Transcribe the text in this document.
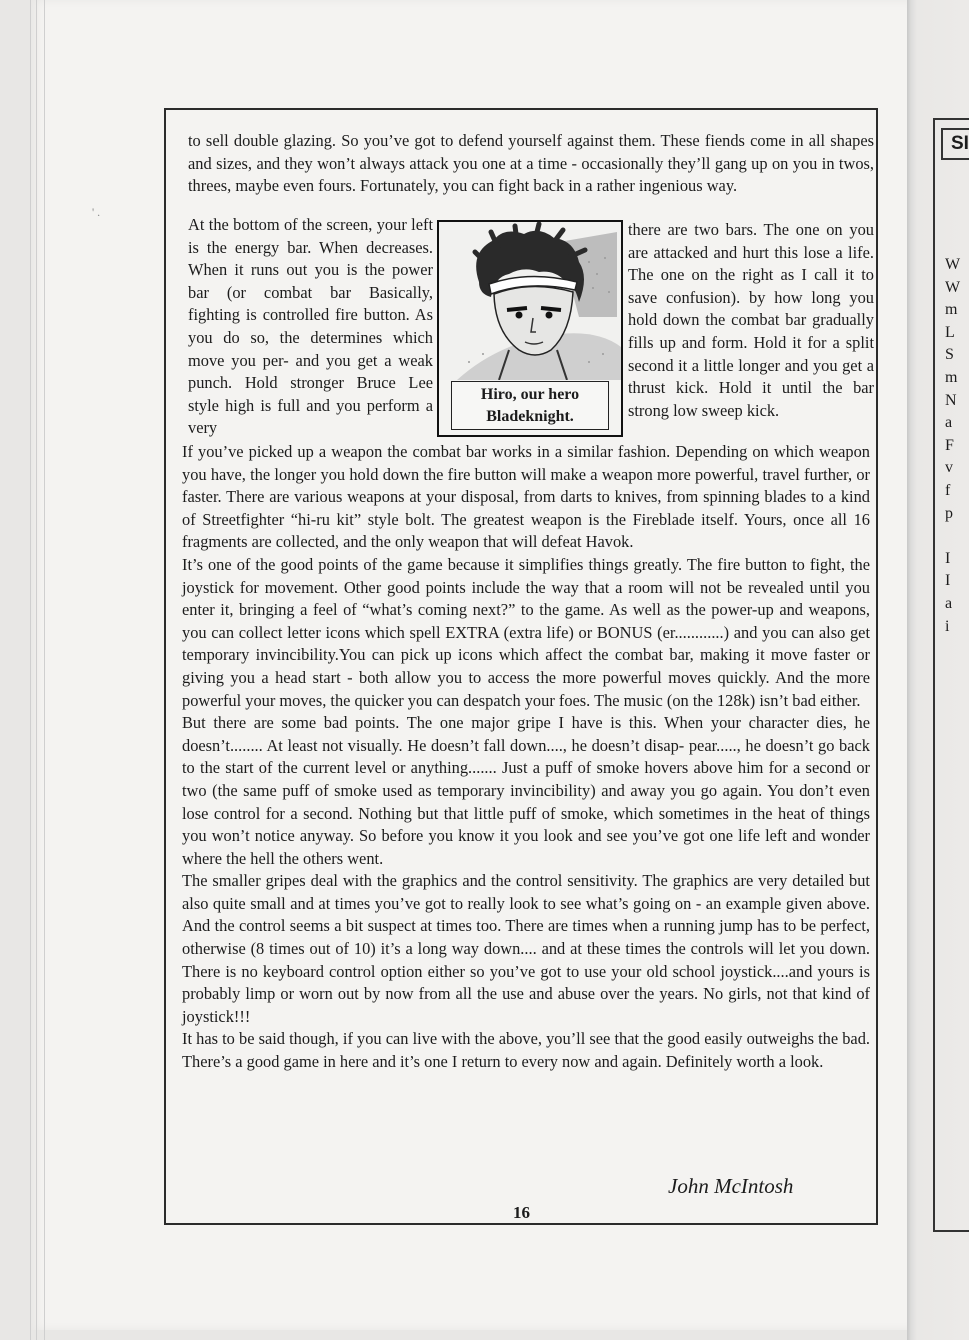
' .
SI
W
W
m
L
S
m
N
a
F
v
f
p
I
I
a
i

to sell double glazing. So you’ve got to defend yourself against them. These fiends come in all shapes and sizes, and they won’t always attack you one at a time - occasionally they’ll gang up on you in twos, threes, maybe even fours. Fortunately, you can fight back in a rather ingenious way.

At the bottom of the screen, your left is the energy bar. When decreases. When it runs out you is the power bar (or combat bar Basically, fighting is controlled fire button. As you do so, the determines which move you per- and you get a weak punch. Hold stronger Bruce Lee style high is full and you perform a very

Hiro, our hero
Bladeknight.

there are two bars. The one on you are attacked and hurt this lose a life. The one on the right as I call it to save confusion). by how long you hold down the combat bar gradually fills up and form. Hold it for a split second it a little longer and you get a thrust kick. Hold it until the bar strong low sweep kick.

If you’ve picked up a weapon the combat bar works in a similar fashion. Depending on which weapon you have, the longer you hold down the fire button will make a weapon more powerful, travel further, or faster. There are various weapons at your disposal, from darts to knives, from spinning blades to a kind of Streetfighter “hi-ru kit” style bolt. The greatest weapon is the Fireblade itself. Yours, once all 16 fragments are collected, and the only weapon that will defeat Havok.

It’s one of the good points of the game because it simplifies things greatly. The fire button to fight, the joystick for movement. Other good points include the way that a room will not be revealed until you enter it, bringing a feel of “what’s coming next?” to the game. As well as the power-up and weapons, you can collect letter icons which spell EXTRA (extra life) or BONUS (er............) and you can also get temporary invincibility.You can pick up icons which affect the combat bar, making it move faster or giving you a head start - both allow you to access the more powerful moves quickly. And the more powerful your moves, the quicker you can despatch your foes. The music (on the 128k) isn’t bad either.

But there are some bad points. The one major gripe I have is this. When your character dies, he doesn’t........ At least not visually. He doesn’t fall down...., he doesn’t disap- pear....., he doesn’t go back to the start of the current level or anything....... Just a puff of smoke hovers above him for a second or two (the same puff of smoke used as temporary invincibility) and away you go again. You don’t even lose control for a second. Nothing but that little puff of smoke, which sometimes in the heat of things you won’t notice anyway. So before you know it you look and see you’ve got one life left and wonder where the hell the others went.

The smaller gripes deal with the graphics and the control sensitivity. The graphics are very detailed but also quite small and at times you’ve got to really look to see what’s going on - an example given above. And the control seems a bit suspect at times too. There are times when a running jump has to be perfect, otherwise (8 times out of 10) it’s a long way down.... and at these times the controls will let you down. There is no keyboard control option either so you’ve got to use your old school joystick....and yours is probably limp or worn out by now from all the use and abuse over the years. No girls, not that kind of joystick!!!

It has to be said though, if you can live with the above, you’ll see that the good easily outweighs the bad. There’s a good game in here and it’s one I return to every now and again. Definitely worth a look.

John McIntosh
16
